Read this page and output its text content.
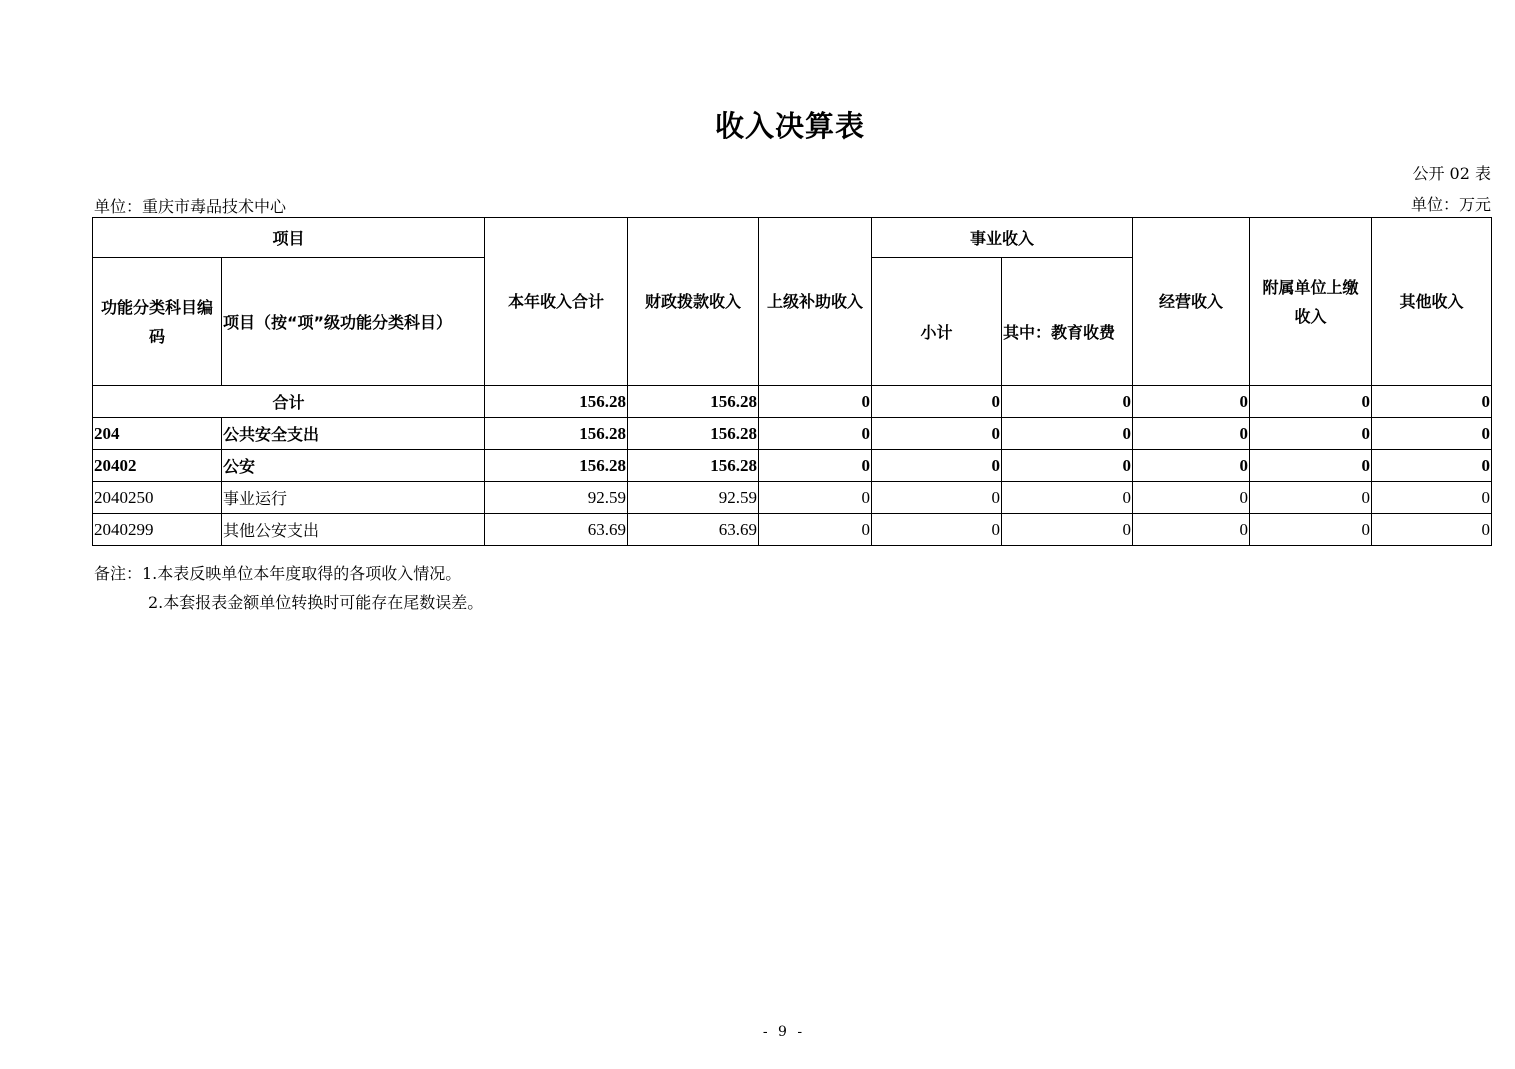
收入决算表
公开 02 表
单位：重庆市毒品技术中心	单位：万元
项目		本年收入合计	财政拨款收入	上级补助收入	事业收入		经营收入	附属单位上缴收入	其他收入
功能分类科目编码	项目（按“项”级功能分类科目）				小计	其中：教育收费			
合计		156.28	156.28	0	0	0	0	0	0
204	公共安全支出	156.28	156.28	0	0	0	0	0	0
20402	公安	156.28	156.28	0	0	0	0	0	0
2040250	事业运行	92.59	92.59	0	0	0	0	0	0
2040299	其他公安支出	63.69	63.69	0	0	0	0	0	0
备注：1.本表反映单位本年度取得的各项收入情况。
2.本套报表金额单位转换时可能存在尾数误差。
- 9 -
